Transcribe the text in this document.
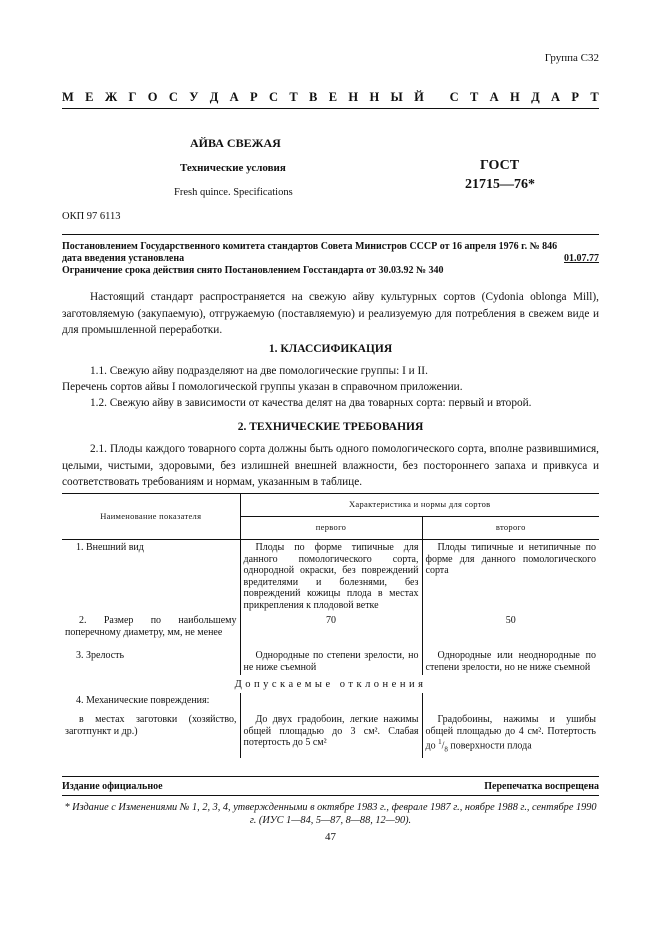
Группа С32
М Е Ж Г О С У Д А Р С Т В Е Н Н Ы Й
С Т А Н Д А Р Т
АЙВА СВЕЖАЯ
Технические условия
Fresh quince. Specifications
ГОСТ
21715—76*
ОКП 97 6113
Постановлением Государственного комитета стандартов Совета Министров СССР от 16 апреля 1976 г. № 846
дата введения установлена	01.07.77
Ограничение срока действия снято Постановлением Госстандарта от 30.03.92 № 340
Настоящий стандарт распространяется на свежую айву культурных сортов (Cydonia oblonga Mill), заготовляемую (закупаемую), отгружаемую (поставляемую) и реализуемую для потребления в свежем виде и для промышленной переработки.
1. КЛАССИФИКАЦИЯ
1.1. Свежую айву подразделяют на две помологические группы: I и II.
Перечень сортов айвы I помологической группы указан в справочном приложении.
1.2. Свежую айву в зависимости от качества делят на два товарных сорта: первый и второй.
2. ТЕХНИЧЕСКИЕ ТРЕБОВАНИЯ
2.1. Плоды каждого товарного сорта должны быть одного помологического сорта, вполне развившимися, целыми, чистыми, здоровыми, без излишней внешней влажности, без постороннего запаха и привкуса и соответствовать требованиям и нормам, указанным в таблице.
Наименование показателя	Характеристика и нормы для сортов	
	первого	второго
1. Внешний вид	Плоды по форме типичные для данного помологического сорта, однородной окраски, без повреждений вредителями и болезнями, без повреждений кожицы плода в местах прикрепления к плодовой ветке	Плоды типичные и нетипичные по форме для данного помологического сорта
2. Размер по наибольшему поперечному диаметру, мм, не менее	70	50
3. Зрелость	Однородные по степени зрелости, но не ниже съемной	Однородные или неоднородные по степени зрелости, но не ниже съемной
Допускаемые отклонения		
4. Механические повреждения:		
в местах заготовки (хозяйство, заготпункт и др.)	До двух градобоин, легкие нажимы общей площадью до 3 см². Слабая потертость до 5 см²	Градобоины, нажимы и ушибы общей площадью до 4 см². Потертость до $^1/_8$ поверхности плода
Издание официальное	Перепечатка воспрещена
* Издание с Изменениями № 1, 2, 3, 4, утвержденными в октябре 1983 г., феврале 1987 г., ноябре 1988 г., сентябре 1990 г. (ИУС 1—84, 5—87, 8—88, 12—90).
47
